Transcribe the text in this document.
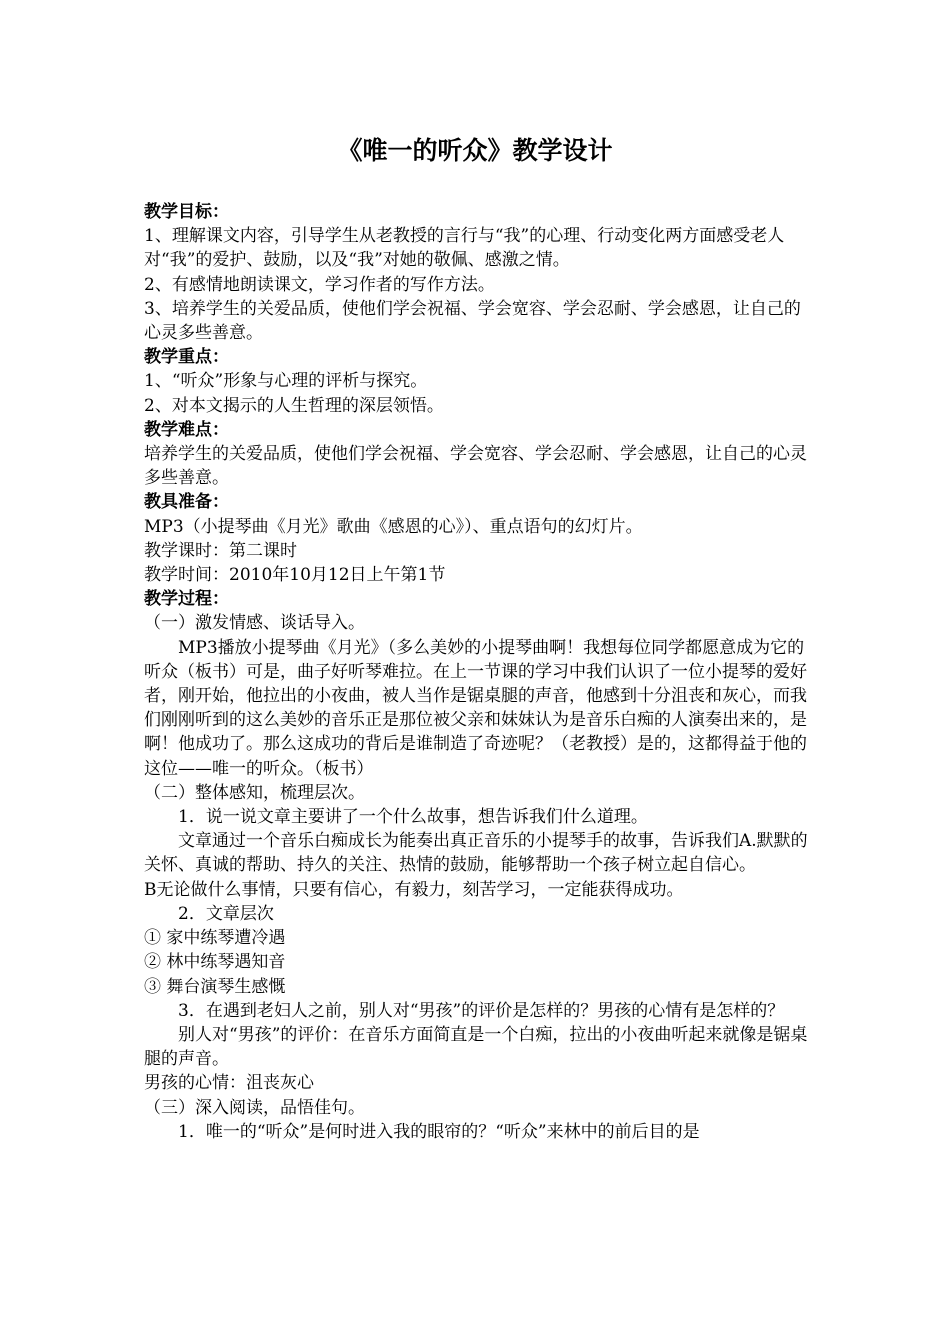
《唯一的听众》教学设计

教学目标：

1、理解课文内容，引导学生从老教授的言行与“我”的心理、行动变化两方面感受老人对“我”的爱护、鼓励，以及“我”对她的敬佩、感激之情。

2、有感情地朗读课文，学习作者的写作方法。

3、培养学生的关爱品质，使他们学会祝福、学会宽容、学会忍耐、学会感恩，让自己的心灵多些善意。

教学重点：

1、“听众”形象与心理的评析与探究。

2、对本文揭示的人生哲理的深层领悟。

教学难点：

培养学生的关爱品质，使他们学会祝福、学会宽容、学会忍耐、学会感恩，让自己的心灵多些善意。

教具准备：

MP3（小提琴曲《月光》歌曲《感恩的心》）、重点语句的幻灯片。

教学课时：第二课时

教学时间：2010年10月12日上午第1节

教学过程：

（一）激发情感、谈话导入。

MP3播放小提琴曲《月光》（多么美妙的小提琴曲啊！我想每位同学都愿意成为它的听众（板书）可是，曲子好听琴难拉。在上一节课的学习中我们认识了一位小提琴的爱好者，刚开始，他拉出的小夜曲，被人当作是锯桌腿的声音，他感到十分沮丧和灰心，而我们刚刚听到的这么美妙的音乐正是那位被父亲和妹妹认为是音乐白痴的人演奏出来的，是啊！他成功了。那么这成功的背后是谁制造了奇迹呢？（老教授）是的，这都得益于他的这位——唯一的听众。（板书）

（二）整体感知，梳理层次。

1．说一说文章主要讲了一个什么故事，想告诉我们什么道理。

文章通过一个音乐白痴成长为能奏出真正音乐的小提琴手的故事，告诉我们A.默默的关怀、真诚的帮助、持久的关注、热情的鼓励，能够帮助一个孩子树立起自信心。

B无论做什么事情，只要有信心，有毅力，刻苦学习，一定能获得成功。

2．文章层次

① 家中练琴遭冷遇

② 林中练琴遇知音

③ 舞台演琴生感慨

3．在遇到老妇人之前，别人对“男孩”的评价是怎样的？男孩的心情有是怎样的？

别人对“男孩”的评价：在音乐方面简直是一个白痴，拉出的小夜曲听起来就像是锯桌腿的声音。

男孩的心情：沮丧灰心

（三）深入阅读，品悟佳句。

1．唯一的“听众”是何时进入我的眼帘的？“听众”来林中的前后目的是
